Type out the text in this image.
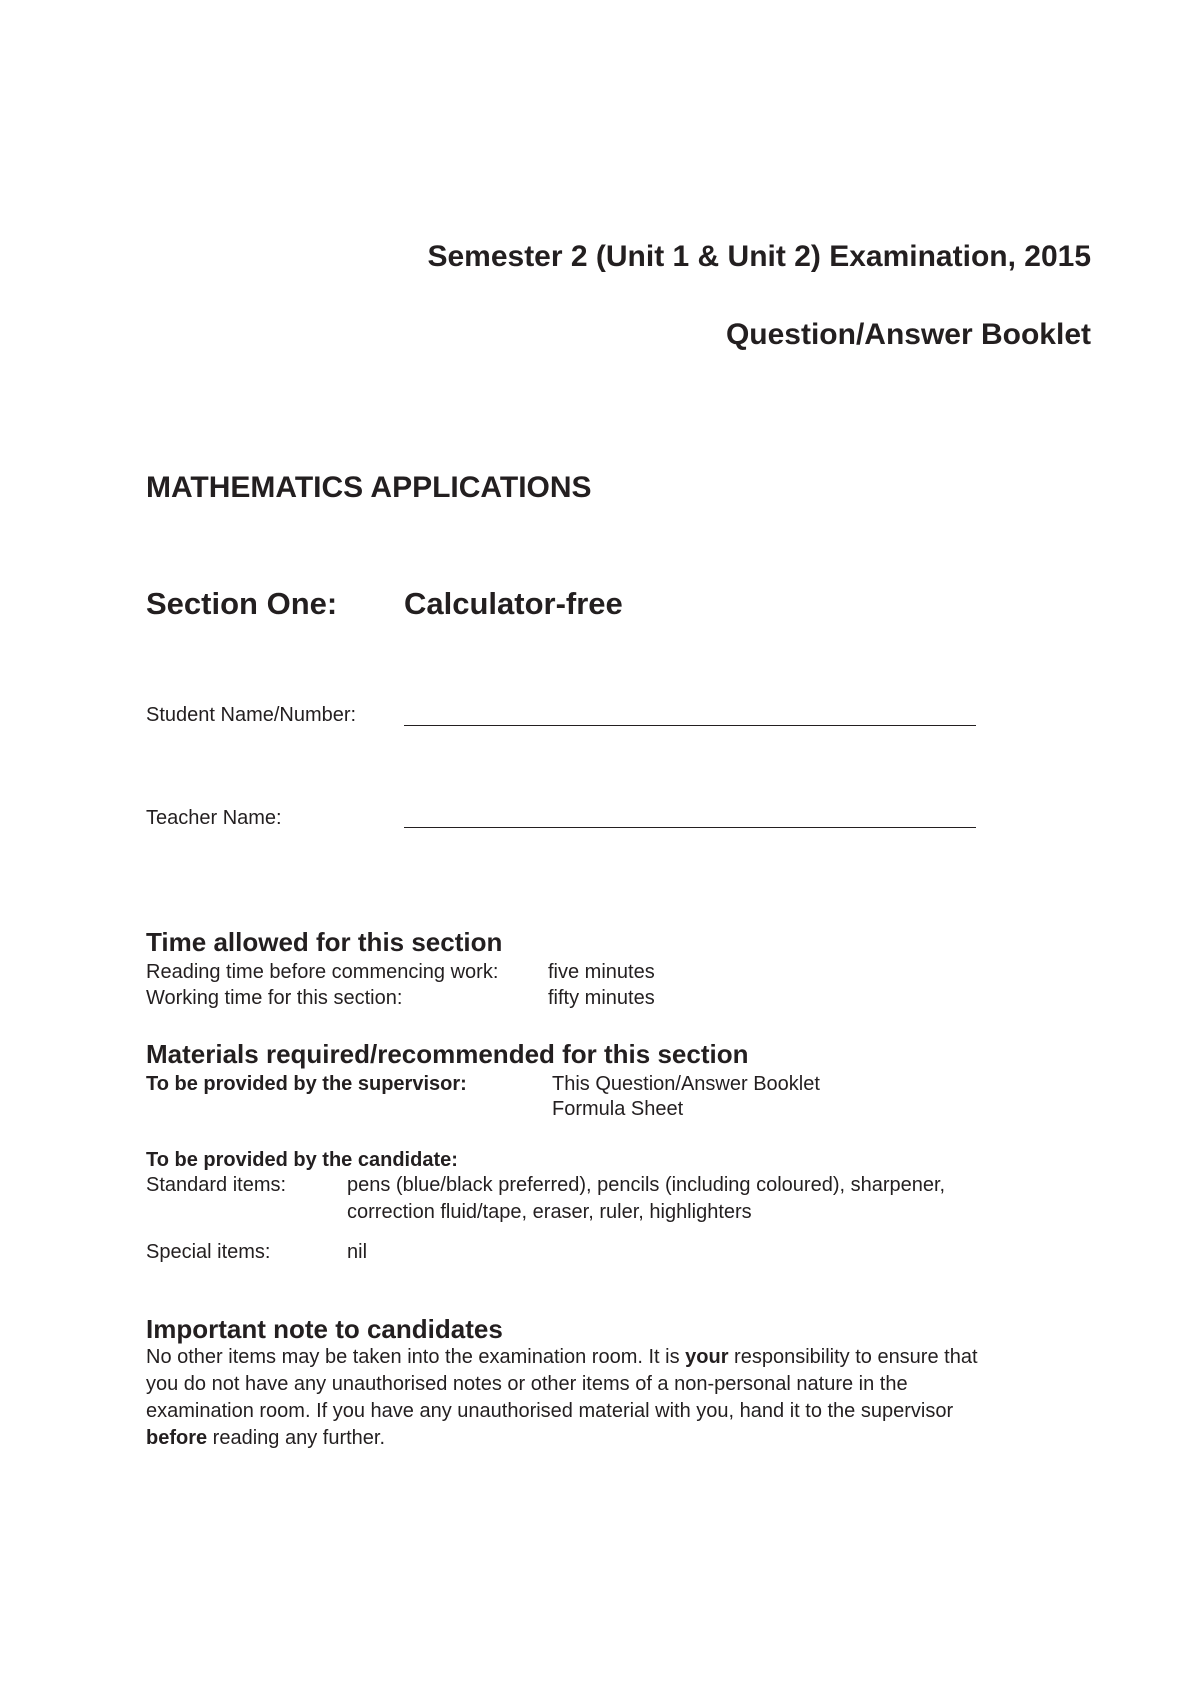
Semester 2 (Unit 1 & Unit 2) Examination, 2015
Question/Answer Booklet
MATHEMATICS APPLICATIONS
Section One: Calculator-free
Student Name/Number:
Teacher Name:
Time allowed for this section
Reading time before commencing work: five minutes
Working time for this section:	fifty minutes
Materials required/recommended for this section
To be provided by the supervisor:	This Question/Answer Booklet
Formula Sheet
To be provided by the candidate:
Standard items:	pens (blue/black preferred), pencils (including coloured), sharpener,
correction fluid/tape, eraser, ruler, highlighters
Special items:	nil
Important note to candidates

No other items may be taken into the examination room. It is your responsibility to ensure that

you do not have any unauthorised notes or other items of a non-personal nature in the

examination room. If you have any unauthorised material with you, hand it to the supervisor

before reading any further.
